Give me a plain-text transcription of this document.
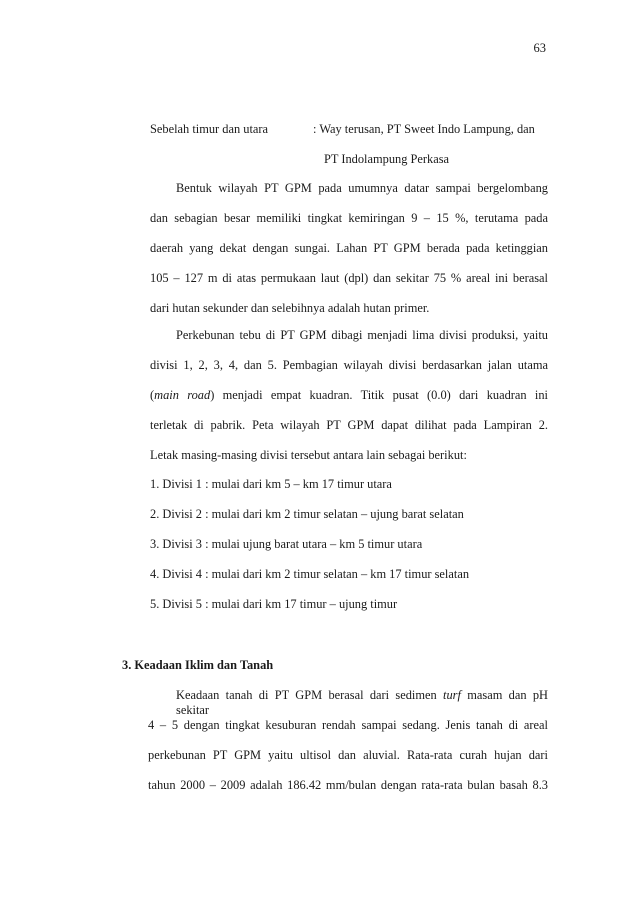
63
Sebelah timur dan utara	: Way terusan, PT Sweet Indo Lampung, dan
PT Indolampung Perkasa
Bentuk wilayah PT GPM pada umumnya datar sampai bergelombang
dan sebagian besar memiliki tingkat kemiringan 9 – 15 %, terutama pada
daerah yang dekat dengan sungai. Lahan PT GPM berada pada ketinggian
105 – 127 m di atas permukaan laut (dpl) dan sekitar 75 % areal ini berasal
dari hutan sekunder dan selebihnya adalah hutan primer.
Perkebunan tebu di PT GPM dibagi menjadi lima divisi produksi, yaitu
divisi 1, 2, 3, 4, dan 5. Pembagian wilayah divisi berdasarkan jalan utama
(main road) menjadi empat kuadran. Titik pusat (0.0) dari kuadran ini
terletak di pabrik. Peta wilayah PT GPM dapat dilihat pada Lampiran 2.
Letak masing-masing divisi tersebut antara lain sebagai berikut:
1. Divisi 1 : mulai dari km 5 – km 17 timur utara
2. Divisi 2 : mulai dari km 2 timur selatan – ujung barat selatan
3. Divisi 3 : mulai ujung barat utara – km 5 timur utara
4. Divisi 4 : mulai dari km 2 timur selatan – km 17 timur selatan
5. Divisi 5 : mulai dari km 17 timur – ujung timur
3. Keadaan Iklim dan Tanah
Keadaan tanah di PT GPM berasal dari sedimen turf masam dan pH sekitar
4 – 5 dengan tingkat kesuburan rendah sampai sedang. Jenis tanah di areal
perkebunan PT GPM yaitu ultisol dan aluvial. Rata-rata curah hujan dari
tahun 2000 – 2009 adalah 186.42 mm/bulan dengan rata-rata bulan basah 8.3
